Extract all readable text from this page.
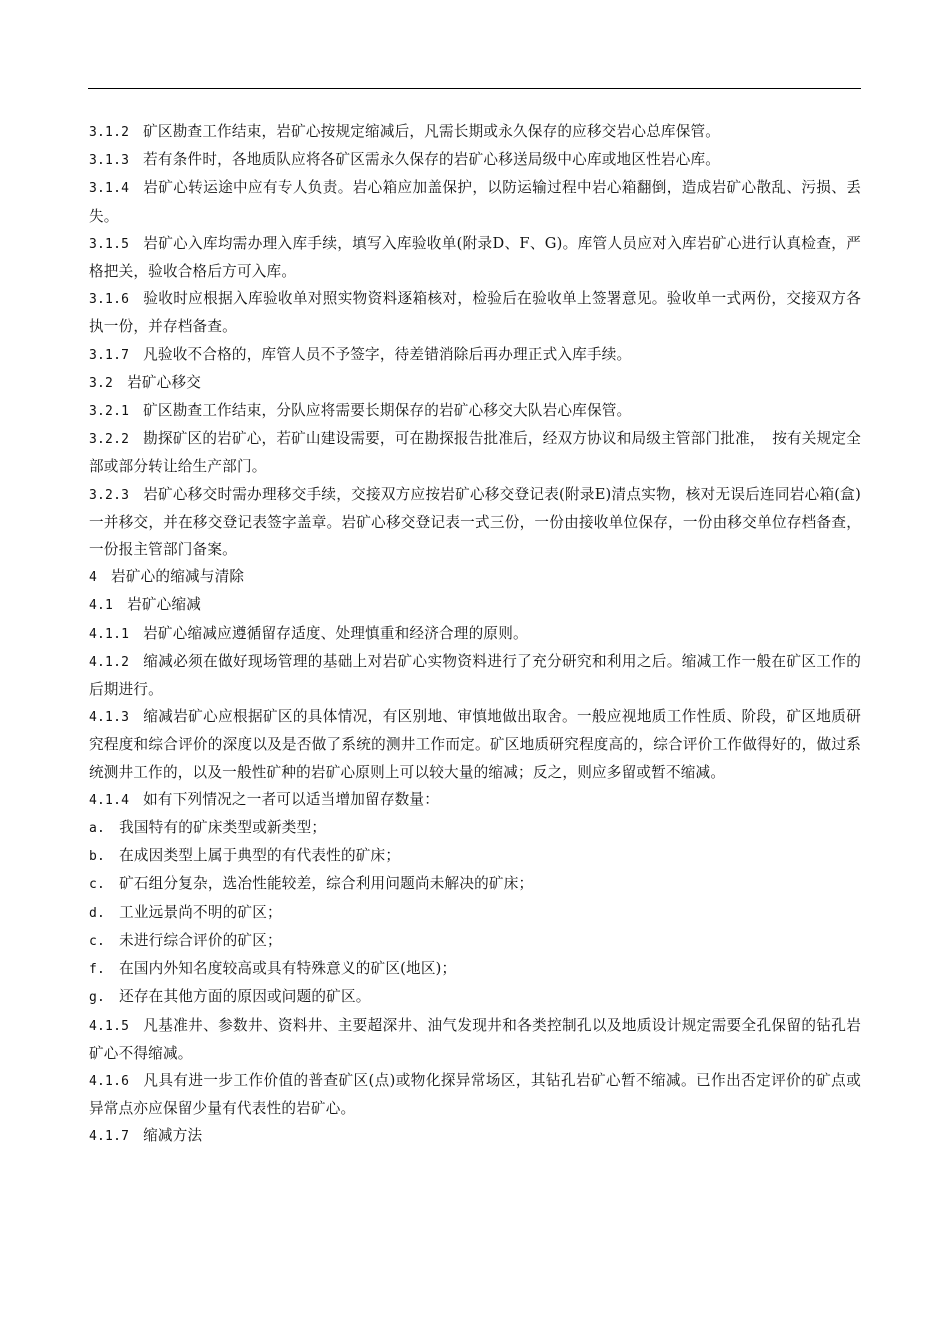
3.1.2 矿区勘查工作结束，岩矿心按规定缩减后，凡需长期或永久保存的应移交岩心总库保管。

3.1.3 若有条件时，各地质队应将各矿区需永久保存的岩矿心移送局级中心库或地区性岩心库。

3.1.4 岩矿心转运途中应有专人负责。岩心箱应加盖保护，以防运输过程中岩心箱翻倒，造成岩矿心散乱、污损、丢失。

3.1.5 岩矿心入库均需办理入库手续，填写入库验收单(附录D、F、G)。库管人员应对入库岩矿心进行认真检查，严格把关，验收合格后方可入库。

3.1.6 验收时应根据入库验收单对照实物资料逐箱核对，检验后在验收单上签署意见。验收单一式两份，交接双方各执一份，并存档备查。

3.1.7 凡验收不合格的，库管人员不予签字，待差错消除后再办理正式入库手续。

3.2 岩矿心移交

3.2.1 矿区勘查工作结束，分队应将需要长期保存的岩矿心移交大队岩心库保管。

3.2.2 勘探矿区的岩矿心，若矿山建设需要，可在勘探报告批准后，经双方协议和局级主管部门批准，　按有关规定全部或部分转让给生产部门。

3.2.3 岩矿心移交时需办理移交手续，交接双方应按岩矿心移交登记表(附录E)清点实物，核对无误后连同岩心箱(盒)一并移交，并在移交登记表签字盖章。岩矿心移交登记表一式三份，一份由接收单位保存，一份由移交单位存档备查，一份报主管部门备案。

4 岩矿心的缩减与清除

4.1 岩矿心缩减

4.1.1 岩矿心缩减应遵循留存适度、处理慎重和经济合理的原则。

4.1.2 缩减必须在做好现场管理的基础上对岩矿心实物资料进行了充分研究和利用之后。缩减工作一般在矿区工作的后期进行。

4.1.3 缩减岩矿心应根据矿区的具体情况，有区别地、审慎地做出取舍。一般应视地质工作性质、阶段，矿区地质研究程度和综合评价的深度以及是否做了系统的测井工作而定。矿区地质研究程度高的，综合评价工作做得好的，做过系统测井工作的，以及一般性矿种的岩矿心原则上可以较大量的缩减；反之，则应多留或暂不缩减。

4.1.4 如有下列情况之一者可以适当增加留存数量：

a. 我国特有的矿床类型或新类型；

b. 在成因类型上属于典型的有代表性的矿床；

c. 矿石组分复杂，选冶性能较差，综合利用问题尚未解决的矿床；

d. 工业远景尚不明的矿区；

c. 未进行综合评价的矿区；

f. 在国内外知名度较高或具有特殊意义的矿区(地区)；

g. 还存在其他方面的原因或问题的矿区。

4.1.5 凡基准井、参数井、资料井、主要超深井、油气发现井和各类控制孔以及地质设计规定需要全孔保留的钻孔岩矿心不得缩减。

4.1.6 凡具有进一步工作价值的普查矿区(点)或物化探异常场区，其钻孔岩矿心暂不缩减。已作出否定评价的矿点或异常点亦应保留少量有代表性的岩矿心。

4.1.7 缩减方法
